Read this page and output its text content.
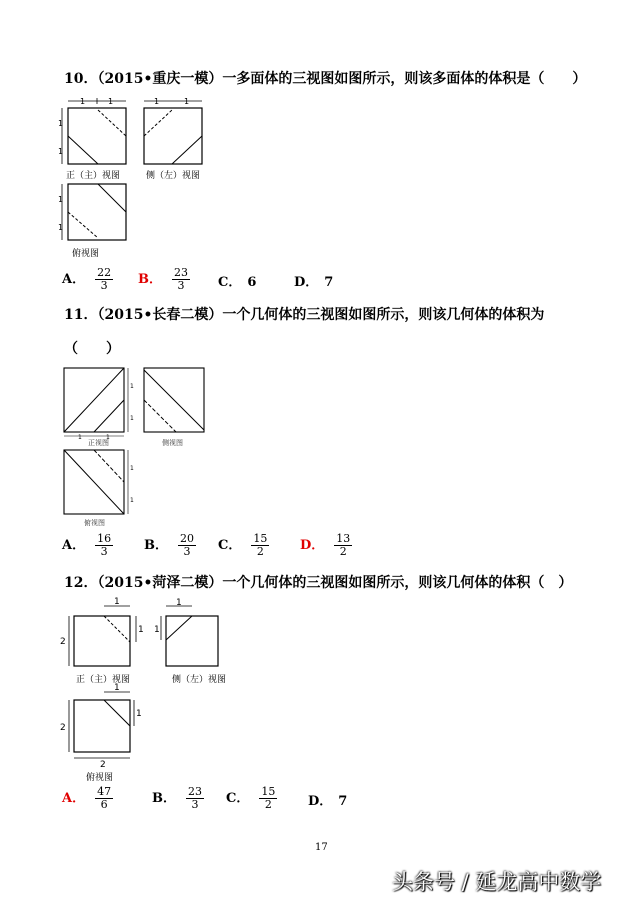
10．（2015•重庆一模）一多面体的三视图如图所示，则该多面体的体积是（　　）
1	1
1
1
正（主）视图
1	1
侧（左）视图
1
1
俯视图
A． $\frac{22}{3}$ B． $\frac{23}{3}$ C． 6	D． 7
11．（2015•长春二模）一个几何体的三视图如图所示，则该几何体的体积为
（　　）
1
1
1	1
正视图	侧视图
1
1
俯视图
A． $\frac{16}{3}$ B． $\frac{20}{3}$ C． $\frac{15}{2}$ D． $\frac{13}{2}$
12．（2015•菏泽二模）一个几何体的三视图如图所示，则该几何体的体积（　）
1
2
1
正（主）视图
1
1
侧（左）视图
1
2
1
2
俯视图
A． $\frac{47}{6}$	B． $\frac{23}{3}$ C． $\frac{15}{2}$ D． 7
17
头条号 / 延龙高中数学
